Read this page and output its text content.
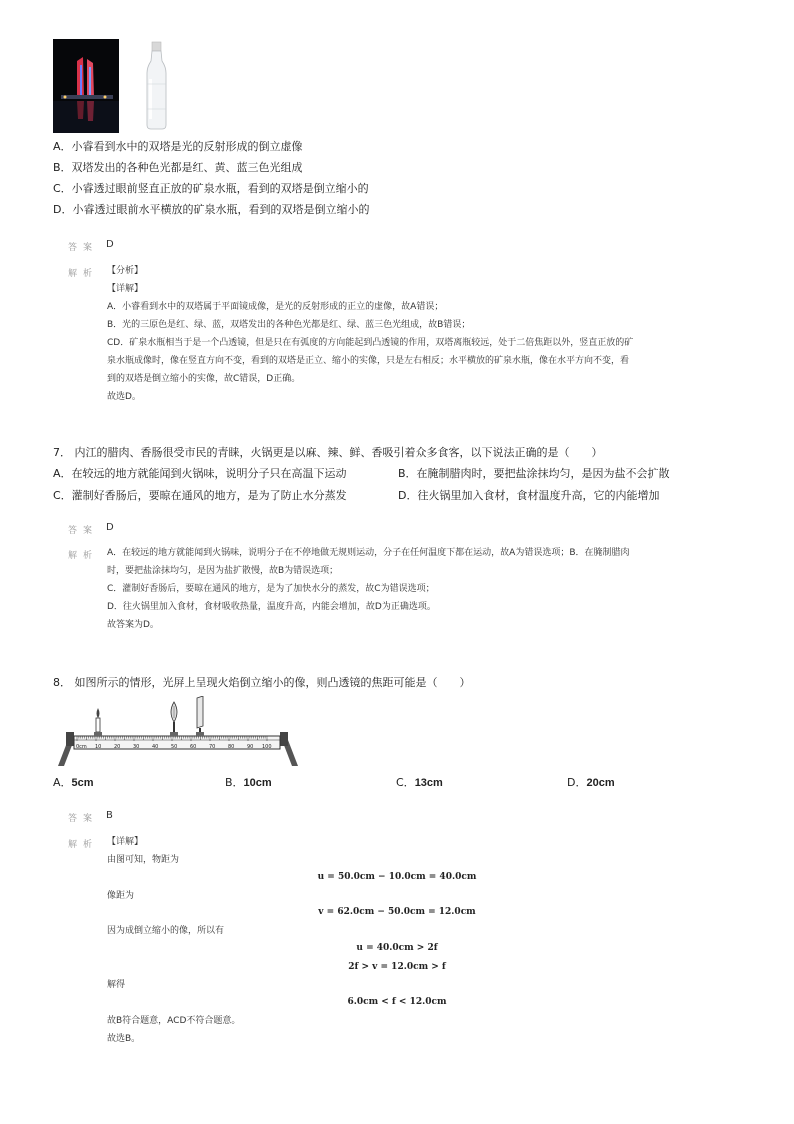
A．小睿看到水中的双塔是光的反射形成的倒立虚像
B．双塔发出的各种色光都是红、黄、蓝三色光组成
C．小睿透过眼前竖直正放的矿泉水瓶，看到的双塔是倒立缩小的
D．小睿透过眼前水平横放的矿泉水瓶，看到的双塔是倒立缩小的
答案 D
解析 【分析】
【详解】
A．小睿看到水中的双塔属于平面镜成像，是光的反射形成的正立的虚像，故A错误；
B．光的三原色是红、绿、蓝，双塔发出的各种色光都是红、绿、蓝三色光组成，故B错误；
CD．矿泉水瓶相当于是一个凸透镜，但是只在有弧度的方向能起到凸透镜的作用，双塔离瓶较远，处于二倍焦距以外，竖直正放的矿
泉水瓶成像时，像在竖直方向不变，看到的双塔是正立、缩小的实像，只是左右相反；水平横放的矿泉水瓶，像在水平方向不变，看
到的双塔是倒立缩小的实像，故C错误，D正确。
故选D。
7． 内江的腊肉、香肠很受市民的青睐，火锅更是以麻、辣、鲜、香吸引着众多食客，以下说法正确的是（　　）
A．在较远的地方就能闻到火锅味，说明分子只在高温下运动	B．在腌制腊肉时，要把盐涂抹均匀，是因为盐不会扩散
C．灌制好香肠后，要晾在通风的地方，是为了防止水分蒸发	D．往火锅里加入食材，食材温度升高，它的内能增加
答案 D
解析 A．在较远的地方就能闻到火锅味，说明分子在不停地做无规则运动，分子在任何温度下都在运动，故A为错误选项；B．在腌制腊肉
时，要把盐涂抹均匀，是因为盐扩散慢，故B为错误选项；
C．灌制好香肠后，要晾在通风的地方，是为了加快水分的蒸发，故C为错误选项；
D．往火锅里加入食材，食材吸收热量，温度升高，内能会增加，故D为正确选项。
故答案为D。
8． 如图所示的情形，光屏上呈现火焰倒立缩小的像，则凸透镜的焦距可能是（　　）
0cm 10	20	30	40	50	60	70	80	90 100
A．5cm	B．10cm	C．13cm	D．20cm
答案 B
解析 【详解】
由图可知，物距为
u = 50.0cm − 10.0cm = 40.0cm
像距为
v = 62.0cm − 50.0cm = 12.0cm
因为成倒立缩小的像，所以有
u = 40.0cm > 2f
2f > v = 12.0cm > f
解得
6.0cm < f < 12.0cm
故B符合题意，ACD不符合题意。
故选B。
